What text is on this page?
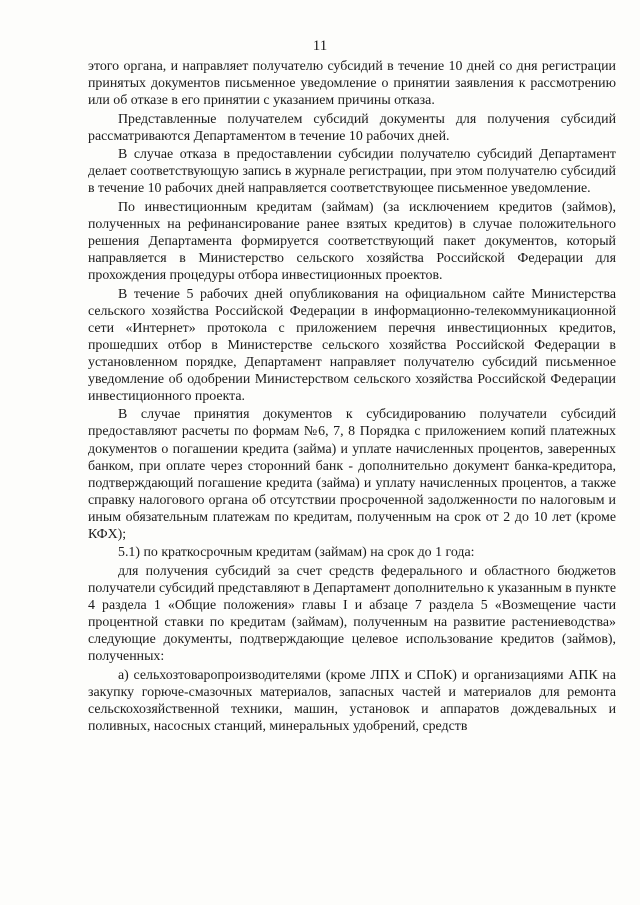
11

этого органа, и направляет получателю субсидий в течение 10 дней со дня регистрации принятых документов письменное уведомление о принятии заявления к рассмотрению или об отказе в его принятии с указанием причины отказа.

Представленные получателем субсидий документы для получения субсидий рассматриваются Департаментом в течение 10 рабочих дней.

В случае отказа в предоставлении субсидии получателю субсидий Департамент делает соответствующую запись в журнале регистрации, при этом получателю субсидий в течение 10 рабочих дней направляется соответствующее письменное уведомление.

По инвестиционным кредитам (займам) (за исключением кредитов (займов), полученных на рефинансирование ранее взятых кредитов) в случае положительного решения Департамента формируется соответствующий пакет документов, который направляется в Министерство сельского хозяйства Российской Федерации для прохождения процедуры отбора инвестиционных проектов.

В течение 5 рабочих дней опубликования на официальном сайте Министерства сельского хозяйства Российской Федерации в информационно-телекоммуникационной сети «Интернет» протокола с приложением перечня инвестиционных кредитов, прошедших отбор в Министерстве сельского хозяйства Российской Федерации в установленном порядке, Департамент направляет получателю субсидий письменное уведомление об одобрении Министерством сельского хозяйства Российской Федерации инвестиционного проекта.

В случае принятия документов к субсидированию получатели субсидий предоставляют расчеты по формам №6, 7, 8 Порядка с приложением копий платежных документов о погашении кредита (займа) и уплате начисленных процентов, заверенных банком, при оплате через сторонний банк - дополнительно документ банка-кредитора, подтверждающий погашение кредита (займа) и уплату начисленных процентов, а также справку налогового органа об отсутствии просроченной задолженности по налоговым и иным обязательным платежам по кредитам, полученным на срок от 2 до 10 лет (кроме КФХ);

5.1) по краткосрочным кредитам (займам) на срок до 1 года:

для получения субсидий за счет средств федерального и областного бюджетов получатели субсидий представляют в Департамент дополнительно к указанным в пункте 4 раздела 1 «Общие положения» главы I и абзаце 7 раздела 5 «Возмещение части процентной ставки по кредитам (займам), полученным на развитие растениеводства» следующие документы, подтверждающие целевое использование кредитов (займов), полученных:

а) сельхозтоваропроизводителями (кроме ЛПХ и СПоК) и организациями АПК на закупку горюче-смазочных материалов, запасных частей и материалов для ремонта сельскохозяйственной техники, машин, установок и аппаратов дождевальных и поливных, насосных станций, минеральных удобрений, средств
